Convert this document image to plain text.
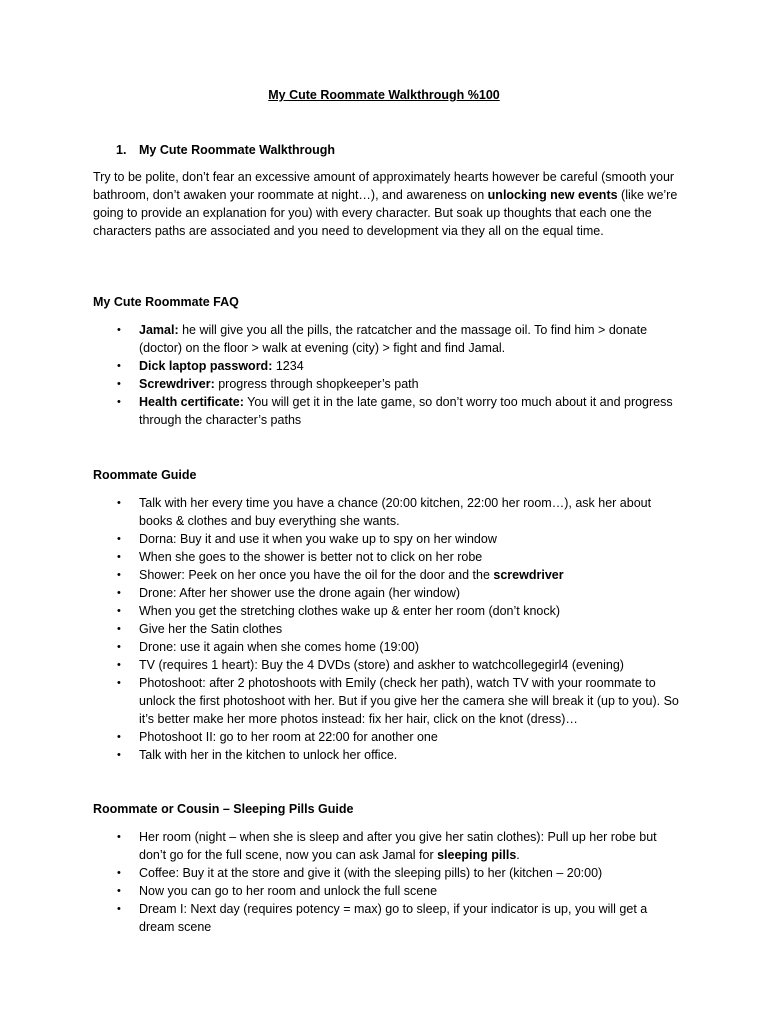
My Cute Roommate Walkthrough %100
1. My Cute Roommate Walkthrough

Try to be polite, don’t fear an excessive amount of approximately hearts however be careful (smooth your bathroom, don’t awaken your roommate at night…), and awareness on unlocking new events (like we’re going to provide an explanation for you) with every character. But soak up thoughts that each one the characters paths are associated and you need to development via they all on the equal time.

My Cute Roommate FAQ
• Jamal: he will give you all the pills, the ratcatcher and the massage oil. To find him > donate (doctor) on the floor > walk at evening (city) > fight and find Jamal.
• Dick laptop password: 1234
• Screwdriver: progress through shopkeeper’s path
• Health certificate: You will get it in the late game, so don’t worry too much about it and progress through the character’s paths
Roommate Guide
• Talk with her every time you have a chance (20:00 kitchen, 22:00 her room…), ask her about books & clothes and buy everything she wants.
• Dorna: Buy it and use it when you wake up to spy on her window
• When she goes to the shower is better not to click on her robe
• Shower: Peek on her once you have the oil for the door and the screwdriver
• Drone: After her shower use the drone again (her window)
• When you get the stretching clothes wake up & enter her room (don’t knock)
• Give her the Satin clothes
• Drone: use it again when she comes home (19:00)
• TV (requires 1 heart): Buy the 4 DVDs (store) and askher to watchcollegegirl4 (evening)
• Photoshoot: after 2 photoshoots with Emily (check her path), watch TV with your roommate to unlock the first photoshoot with her. But if you give her the camera she will break it (up to you). So it’s better make her more photos instead: fix her hair, click on the knot (dress)…
• Photoshoot II: go to her room at 22:00 for another one
• Talk with her in the kitchen to unlock her office.
Roommate or Cousin – Sleeping Pills Guide
• Her room (night – when she is sleep and after you give her satin clothes): Pull up her robe but don’t go for the full scene, now you can ask Jamal for sleeping pills.
• Coffee: Buy it at the store and give it (with the sleeping pills) to her (kitchen – 20:00)
• Now you can go to her room and unlock the full scene
• Dream I: Next day (requires potency = max) go to sleep, if your indicator is up, you will get a dream scene
